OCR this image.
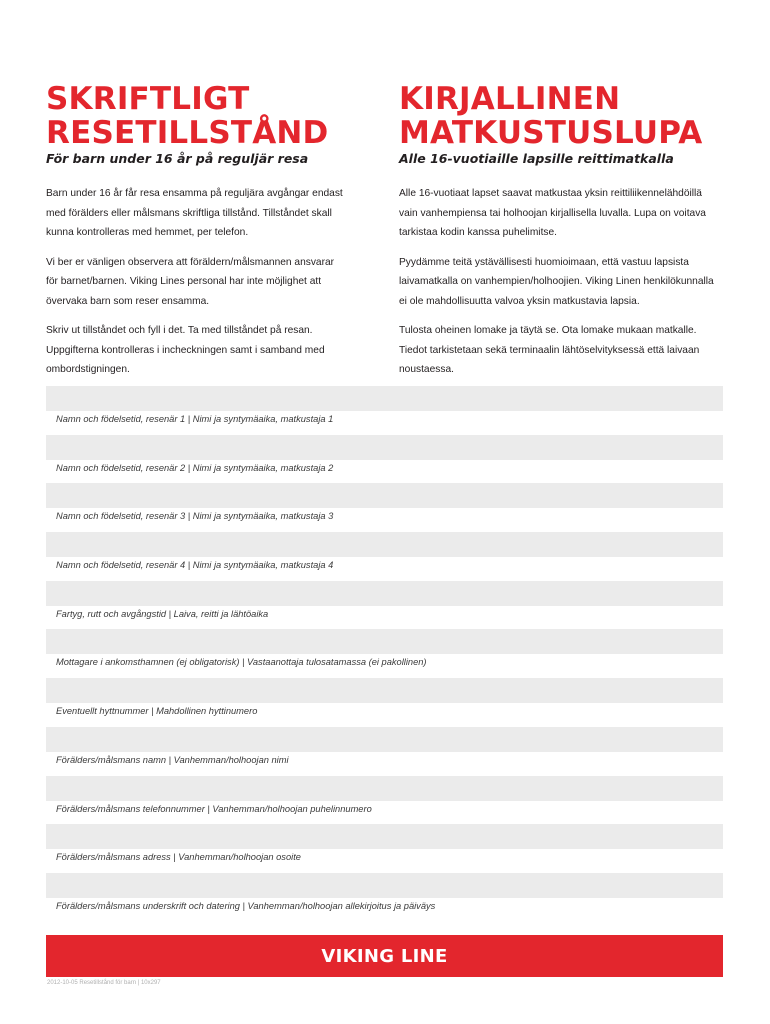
SKRIFTLIGT
RESETILLSTÅND
För barn under 16 år på reguljär resa

Barn under 16 år får resa ensamma på reguljära avgångar endast
med förälders eller målsmans skriftliga tillstånd. Tillståndet skall
kunna kontrolleras med hemmet, per telefon.

Vi ber er vänligen observera att föräldern/målsmannen ansvarar
för barnet/barnen. Viking Lines personal har inte möjlighet att
övervaka barn som reser ensamma.

Skriv ut tillståndet och fyll i det. Ta med tillståndet på resan.
Uppgifterna kontrolleras i incheckningen samt i samband med
ombordstigningen.

KIRJALLINEN
MATKUSTUSLUPA
Alle 16-vuotiaille lapsille reittimatkalla

Alle 16-vuotiaat lapset saavat matkustaa yksin reittiliikennelähdöillä
vain vanhempiensa tai holhoojan kirjallisella luvalla. Lupa on voitava
tarkistaa kodin kanssa puhelimitse.

Pyydämme teitä ystävällisesti huomioimaan, että vastuu lapsista
laivamatkalla on vanhempien/holhoojien. Viking Linen henkilökunnalla
ei ole mahdollisuutta valvoa yksin matkustavia lapsia.

Tulosta oheinen lomake ja täytä se. Ota lomake mukaan matkalle.
Tiedot tarkistetaan sekä terminaalin lähtöselvityksessä että laivaan
noustaessa.

Namn och födelsetid, resenär 1 | Nimi ja syntymäaika, matkustaja 1
Namn och födelsetid, resenär 2 | Nimi ja syntymäaika, matkustaja 2
Namn och födelsetid, resenär 3 | Nimi ja syntymäaika, matkustaja 3
Namn och födelsetid, resenär 4 | Nimi ja syntymäaika, matkustaja 4
Fartyg, rutt och avgångstid | Laiva, reitti ja lähtöaika
Mottagare i ankomsthamnen (ej obligatorisk) | Vastaanottaja tulosatamassa (ei pakollinen)
Eventuellt hyttnummer | Mahdollinen hyttinumero
Förälders/målsmans namn | Vanhemman/holhoojan nimi
Förälders/målsmans telefonnummer | Vanhemman/holhoojan puhelinnumero
Förälders/målsmans adress | Vanhemman/holhoojan osoite
Förälders/målsmans underskrift och datering | Vanhemman/holhoojan allekirjoitus ja päiväys
VIKING LINE
2012-10-05 Resetillstånd för barn | 10x297
